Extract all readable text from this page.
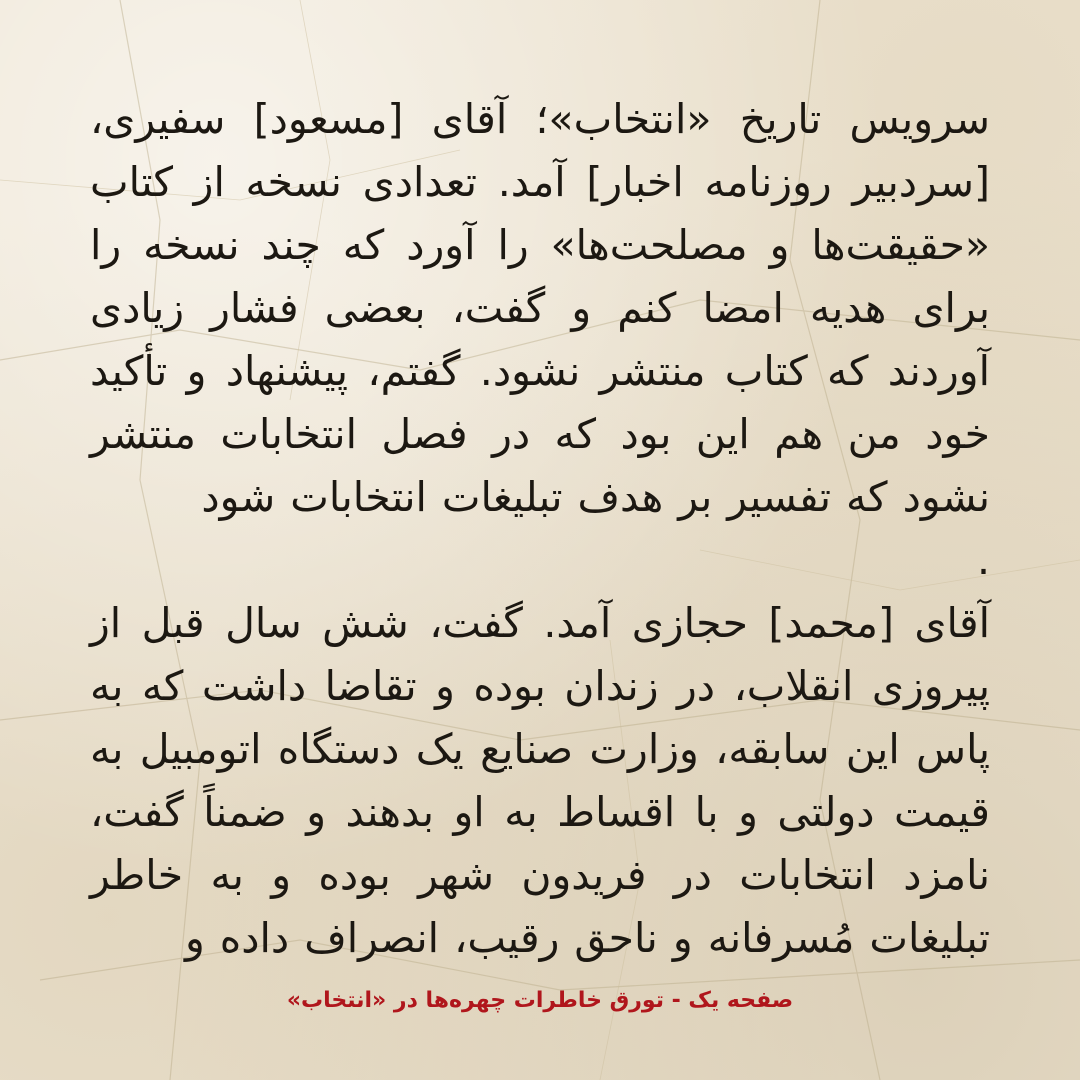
سرویس تاریخ «انتخاب»؛ آقای [مسعود] سفیری، [سردبیر روزنامه اخبار] آمد. تعدادی نسخه از کتاب «حقیقت‌ها و مصلحت‌ها» را آورد که چند نسخه را برای هدیه امضا کنم و گفت، بعضی فشار زیادی آوردند که کتاب منتشر نشود. گفتم، پیشنهاد و تأکید خود من هم این بود که در فصل انتخابات منتشر نشود که تفسیر بر هدف تبلیغات انتخابات شود

.

آقای [محمد] حجازی آمد. گفت، شش سال قبل از پیروزی انقلاب، در زندان بوده و تقاضا داشت که به پاس این سابقه، وزارت صنایع یک دستگاه اتومبیل به قیمت دولتی و با اقساط به او بدهند و ضمناً گفت، نامزد انتخابات در فریدون شهر بوده و به خاطر تبلیغات مُسرفانه و ناحق رقیب، انصراف داده و

صفحه یک - تورق خاطرات چهره‌ها در «انتخاب»
